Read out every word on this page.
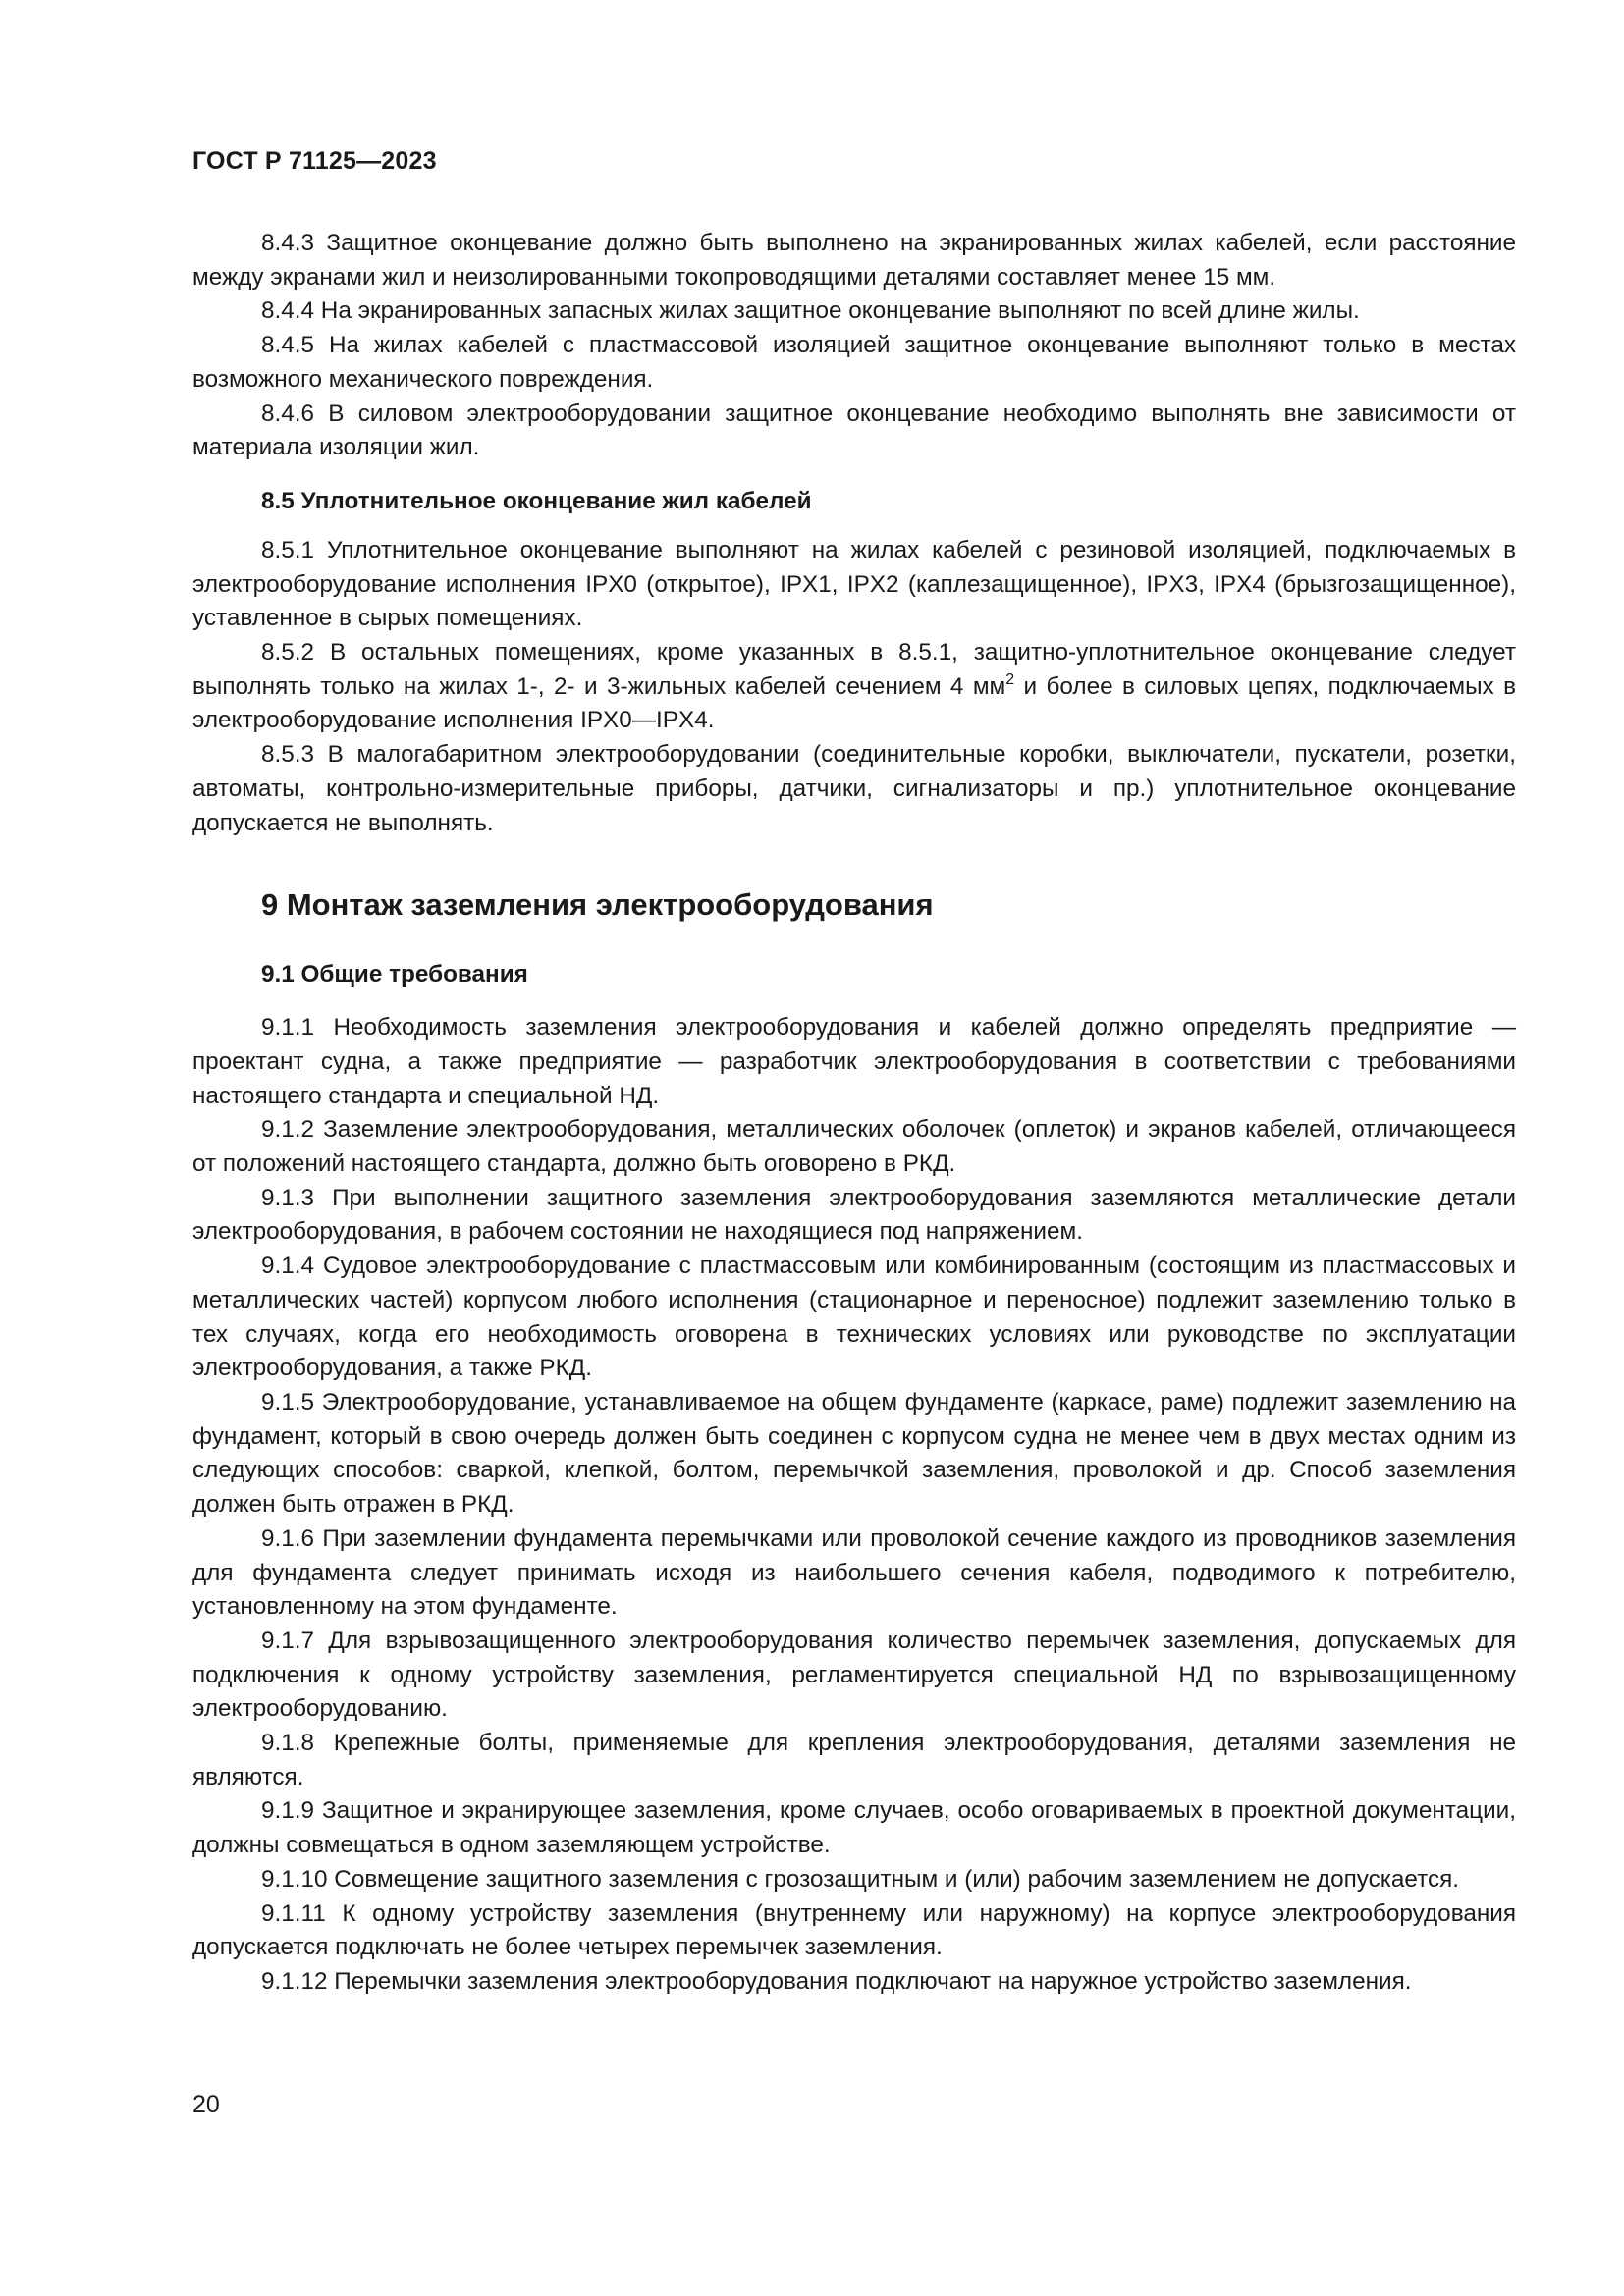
ГОСТ Р 71125—2023

8.4.3 Защитное оконцевание должно быть выполнено на экранированных жилах кабелей, если расстояние между экранами жил и неизолированными токопроводящими деталями составляет менее 15 мм.

8.4.4 На экранированных запасных жилах защитное оконцевание выполняют по всей длине жилы.

8.4.5 На жилах кабелей с пластмассовой изоляцией защитное оконцевание выполняют только в местах возможного механического повреждения.

8.4.6 В силовом электрооборудовании защитное оконцевание необходимо выполнять вне зависимости от материала изоляции жил.

8.5 Уплотнительное оконцевание жил кабелей

8.5.1 Уплотнительное оконцевание выполняют на жилах кабелей с резиновой изоляцией, подключаемых в электрооборудование исполнения IPX0 (открытое), IPX1, IPX2 (каплезащищенное), IPX3, IPX4 (брызгозащищенное), уставленное в сырых помещениях.

8.5.2 В остальных помещениях, кроме указанных в 8.5.1, защитно-уплотнительное оконцевание следует выполнять только на жилах 1-, 2- и 3-жильных кабелей сечением 4 $мм^2$ и более в силовых цепях, подключаемых в электрооборудование исполнения IPX0—IPX4.

8.5.3 В малогабаритном электрооборудовании (соединительные коробки, выключатели, пускатели, розетки, автоматы, контрольно-измерительные приборы, датчики, сигнализаторы и пр.) уплотнительное оконцевание допускается не выполнять.

9 Монтаж заземления электрооборудования
9.1 Общие требования

9.1.1 Необходимость заземления электрооборудования и кабелей должно определять предприятие — проектант судна, а также предприятие — разработчик электрооборудования в соответствии с требованиями настоящего стандарта и специальной НД.

9.1.2 Заземление электрооборудования, металлических оболочек (оплеток) и экранов кабелей, отличающееся от положений настоящего стандарта, должно быть оговорено в РКД.

9.1.3 При выполнении защитного заземления электрооборудования заземляются металлические детали электрооборудования, в рабочем состоянии не находящиеся под напряжением.

9.1.4 Судовое электрооборудование с пластмассовым или комбинированным (состоящим из пластмассовых и металлических частей) корпусом любого исполнения (стационарное и переносное) подлежит заземлению только в тех случаях, когда его необходимость оговорена в технических условиях или руководстве по эксплуатации электрооборудования, а также РКД.

9.1.5 Электрооборудование, устанавливаемое на общем фундаменте (каркасе, раме) подлежит заземлению на фундамент, который в свою очередь должен быть соединен с корпусом судна не менее чем в двух местах одним из следующих способов: сваркой, клепкой, болтом, перемычкой заземления, проволокой и др. Способ заземления должен быть отражен в РКД.

9.1.6 При заземлении фундамента перемычками или проволокой сечение каждого из проводников заземления для фундамента следует принимать исходя из наибольшего сечения кабеля, подводимого к потребителю, установленному на этом фундаменте.

9.1.7 Для взрывозащищенного электрооборудования количество перемычек заземления, допускаемых для подключения к одному устройству заземления, регламентируется специальной НД по взрывозащищенному электрооборудованию.

9.1.8 Крепежные болты, применяемые для крепления электрооборудования, деталями заземления не являются.

9.1.9 Защитное и экранирующее заземления, кроме случаев, особо оговариваемых в проектной документации, должны совмещаться в одном заземляющем устройстве.

9.1.10 Совмещение защитного заземления с грозозащитным и (или) рабочим заземлением не допускается.

9.1.11 К одному устройству заземления (внутреннему или наружному) на корпусе электрооборудования допускается подключать не более четырех перемычек заземления.

9.1.12 Перемычки заземления электрооборудования подключают на наружное устройство заземления.

20
